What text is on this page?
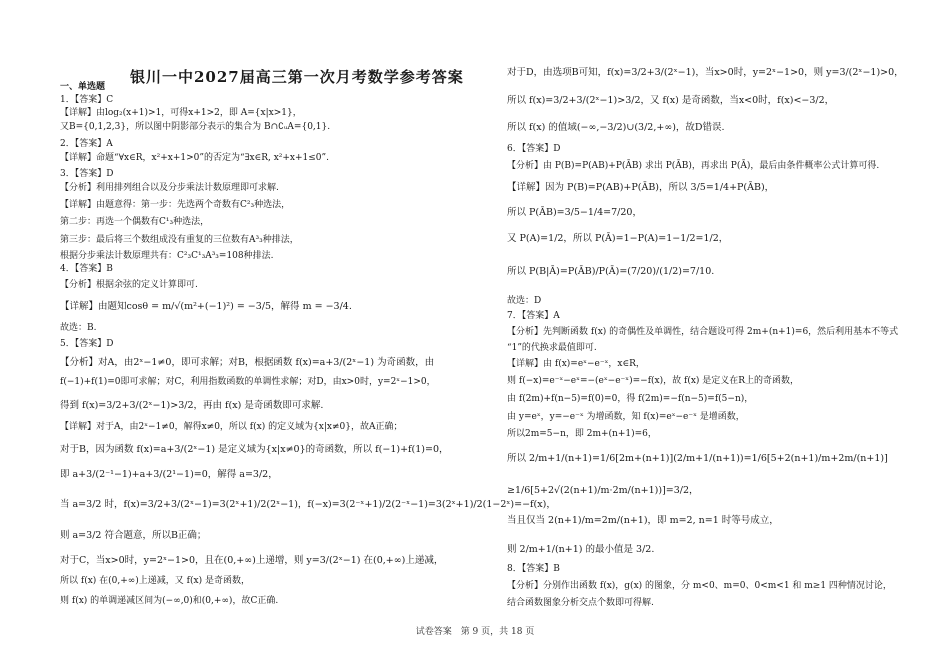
银川一中2027届高三第一次月考数学参考答案
一、单选题
1．【答案】C
【详解】由log₂(x+1)>1，可得x+1>2，即 A={x|x>1}，
又B={0,1,2,3}，所以图中阴影部分表示的集合为 B∩∁ᵤA={0,1}.
2．【答案】A
【详解】命题“∀x∈R，x²+x+1>0”的否定为“∃x∈R, x²+x+1≤0”.
3．【答案】D
【分析】利用排列组合以及分步乘法计数原理即可求解.
【详解】由题意得：第一步：先选两个奇数有C²₃种选法，
第二步：再选一个偶数有C¹₃种选法，
第三步：最后将三个数组成没有重复的三位数有A³₃种排法，
根据分步乘法计数原理共有：C²₃C¹₃A³₃=108种排法.
4．【答案】B
【分析】根据余弦的定义计算即可.
【详解】由题知cosθ = m/√(m²+(−1)²) = −3/5，解得 m = −3/4.
故选：B.
5．【答案】D
【分析】对A，由2ˣ−1≠0，即可求解；对B，根据函数 f(x)=a+3/(2ˣ−1) 为奇函数，由
f(−1)+f(1)=0即可求解；对C，利用指数函数的单调性求解；对D，由x>0时，y=2ˣ−1>0，
得到 f(x)=3/2+3/(2ˣ−1)>3/2，再由 f(x) 是奇函数即可求解.
【详解】对于A，由2ˣ−1≠0，解得x≠0，所以 f(x) 的定义域为{x|x≠0}，故A正确；
对于B，因为函数 f(x)=a+3/(2ˣ−1) 是定义域为{x|x≠0}的奇函数，所以 f(−1)+f(1)=0，
即 a+3/(2⁻¹−1)+a+3/(2¹−1)=0，解得 a=3/2，
当 a=3/2 时，f(x)=3/2+3/(2ˣ−1)=3(2ˣ+1)/2(2ˣ−1)，f(−x)=3(2⁻ˣ+1)/2(2⁻ˣ−1)=3(2ˣ+1)/2(1−2ˣ)=−f(x)，
则 a=3/2 符合题意，所以B正确；
对于C，当x>0时，y=2ˣ−1>0，且在(0,+∞)上递增，则 y=3/(2ˣ−1) 在(0,+∞)上递减，
所以 f(x) 在(0,+∞)上递减，又 f(x) 是奇函数，
则 f(x) 的单调递减区间为(−∞,0)和(0,+∞)，故C正确.
对于D，由选项B可知，f(x)=3/2+3/(2ˣ−1)，当x>0时，y=2ˣ−1>0，则 y=3/(2ˣ−1)>0，
所以 f(x)=3/2+3/(2ˣ−1)>3/2，又 f(x) 是奇函数，当x<0时，f(x)<−3/2，
所以 f(x) 的值域(−∞,−3/2)∪(3/2,+∞)，故D错误.
6．【答案】D
【分析】由 P(B)=P(AB)+P(ĀB) 求出 P(ĀB)，再求出 P(Ā)，最后由条件概率公式计算可得.
【详解】因为 P(B)=P(AB)+P(ĀB)，所以 3/5=1/4+P(ĀB)，
所以 P(ĀB)=3/5−1/4=7/20，
又 P(A)=1/2，所以 P(Ā)=1−P(A)=1−1/2=1/2，
所以 P(B|Ā)=P(ĀB)/P(Ā)=(7/20)/(1/2)=7/10.
故选：D
7．【答案】A
【分析】先判断函数 f(x) 的奇偶性及单调性，结合题设可得 2m+(n+1)=6，然后利用基本不等式
“1”的代换求最值即可.
【详解】由 f(x)=eˣ−e⁻ˣ，x∈R，
则 f(−x)=e⁻ˣ−eˣ=−(eˣ−e⁻ˣ)=−f(x)，故 f(x) 是定义在R上的奇函数，
由 f(2m)+f(n−5)=f(0)=0，得 f(2m)=−f(n−5)=f(5−n)，
由 y=eˣ，y=−e⁻ˣ 为增函数，知 f(x)=eˣ−e⁻ˣ 是增函数，
所以2m=5−n，即 2m+(n+1)=6，
所以 2/m+1/(n+1)=1/6[2m+(n+1)](2/m+1/(n+1))=1/6[5+2(n+1)/m+2m/(n+1)]
≥1/6[5+2√(2(n+1)/m·2m/(n+1))]=3/2，
当且仅当 2(n+1)/m=2m/(n+1)，即 m=2, n=1 时等号成立，
则 2/m+1/(n+1) 的最小值是 3/2.
8．【答案】B
【分析】分别作出函数 f(x)，g(x) 的图象，分 m<0、m=0、0<m<1 和 m≥1 四种情况讨论，
结合函数图象分析交点个数即可得解.
试卷答案　第 9 页，共 18 页
